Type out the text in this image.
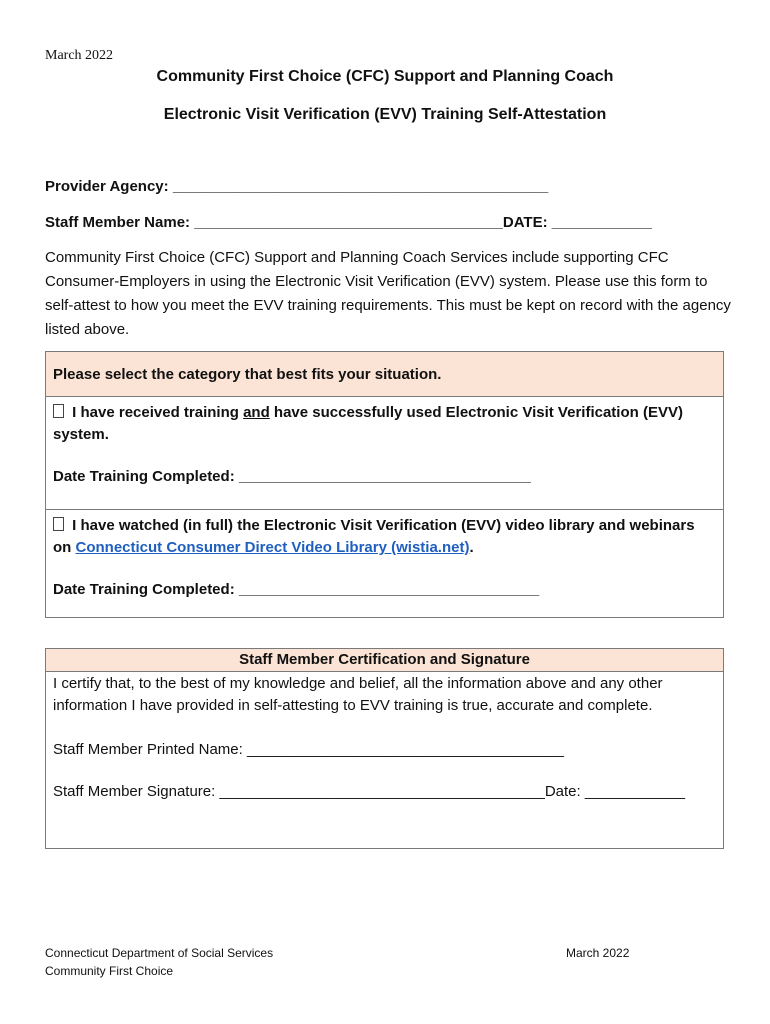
March 2022
Community First Choice (CFC) Support and Planning Coach
Electronic Visit Verification (EVV) Training Self-Attestation
Provider Agency: _____________________________________________
Staff Member Name: _____________________________________DATE: ____________
Community First Choice (CFC) Support and Planning Coach Services include supporting CFC Consumer-Employers in using the Electronic Visit Verification (EVV) system. Please use this form to self-attest to how you meet the EVV training requirements. This must be kept on record with the agency listed above.
Please select the category that best fits your situation.
I have received training and have successfully used Electronic Visit Verification (EVV) system.
Date Training Completed: ___________________________________
I have watched (in full) the Electronic Visit Verification (EVV) video library and webinars on Connecticut Consumer Direct Video Library (wistia.net).
Date Training Completed: ____________________________________
Staff Member Certification and Signature
I certify that, to the best of my knowledge and belief, all the information above and any other information I have provided in self-attesting to EVV training is true, accurate and complete.
Staff Member Printed Name: ______________________________________
Staff Member Signature: _______________________________________Date: ____________
Connecticut Department of Social Services
Community First Choice
March 2022
